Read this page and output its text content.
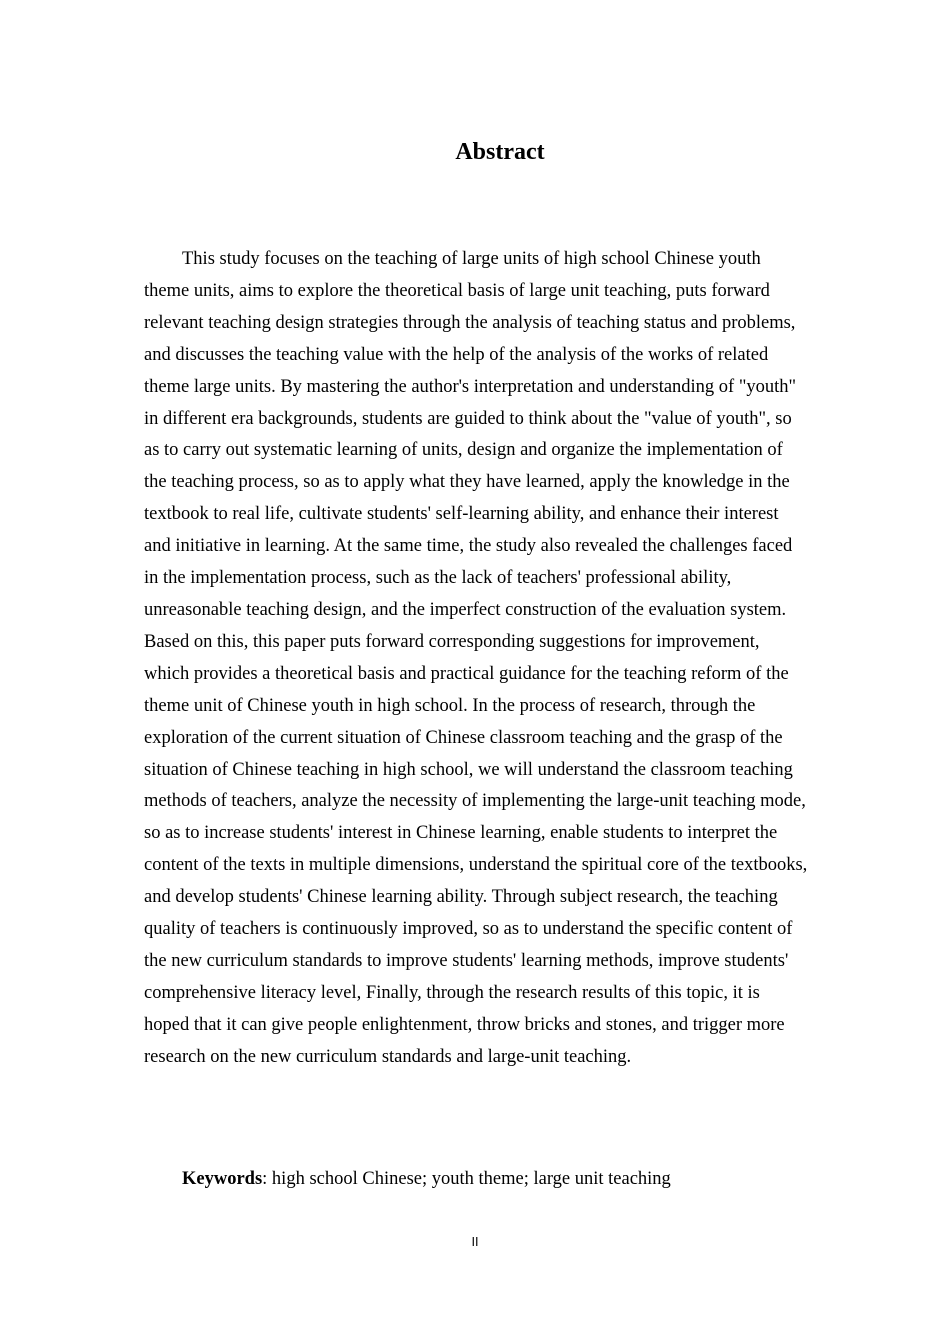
Abstract

This study focuses on the teaching of large units of high school Chinese youth theme units, aims to explore the theoretical basis of large unit teaching, puts forward relevant teaching design strategies through the analysis of teaching status and problems, and discusses the teaching value with the help of the analysis of the works of related theme large units. By mastering the author's interpretation and understanding of "youth" in different era backgrounds, students are guided to think about the "value of youth", so as to carry out systematic learning of units, design and organize the implementation of the teaching process, so as to apply what they have learned, apply the knowledge in the textbook to real life, cultivate students' self-learning ability, and enhance their interest and initiative in learning. At the same time, the study also revealed the challenges faced in the implementation process, such as the lack of teachers' professional ability, unreasonable teaching design, and the imperfect construction of the evaluation system. Based on this, this paper puts forward corresponding suggestions for improvement, which provides a theoretical basis and practical guidance for the teaching reform of the theme unit of Chinese youth in high school. In the process of research, through the exploration of the current situation of Chinese classroom teaching and the grasp of the situation of Chinese teaching in high school, we will understand the classroom teaching methods of teachers, analyze the necessity of implementing the large-unit teaching mode, so as to increase students' interest in Chinese learning, enable students to interpret the content of the texts in multiple dimensions, understand the spiritual core of the textbooks, and develop students' Chinese learning ability. Through subject research, the teaching quality of teachers is continuously improved, so as to understand the specific content of the new curriculum standards to improve students' learning methods, improve students' comprehensive literacy level, Finally, through the research results of this topic, it is hoped that it can give people enlightenment, throw bricks and stones, and trigger more research on the new curriculum standards and large-unit teaching.

Keywords: high school Chinese; youth theme; large unit teaching

II
